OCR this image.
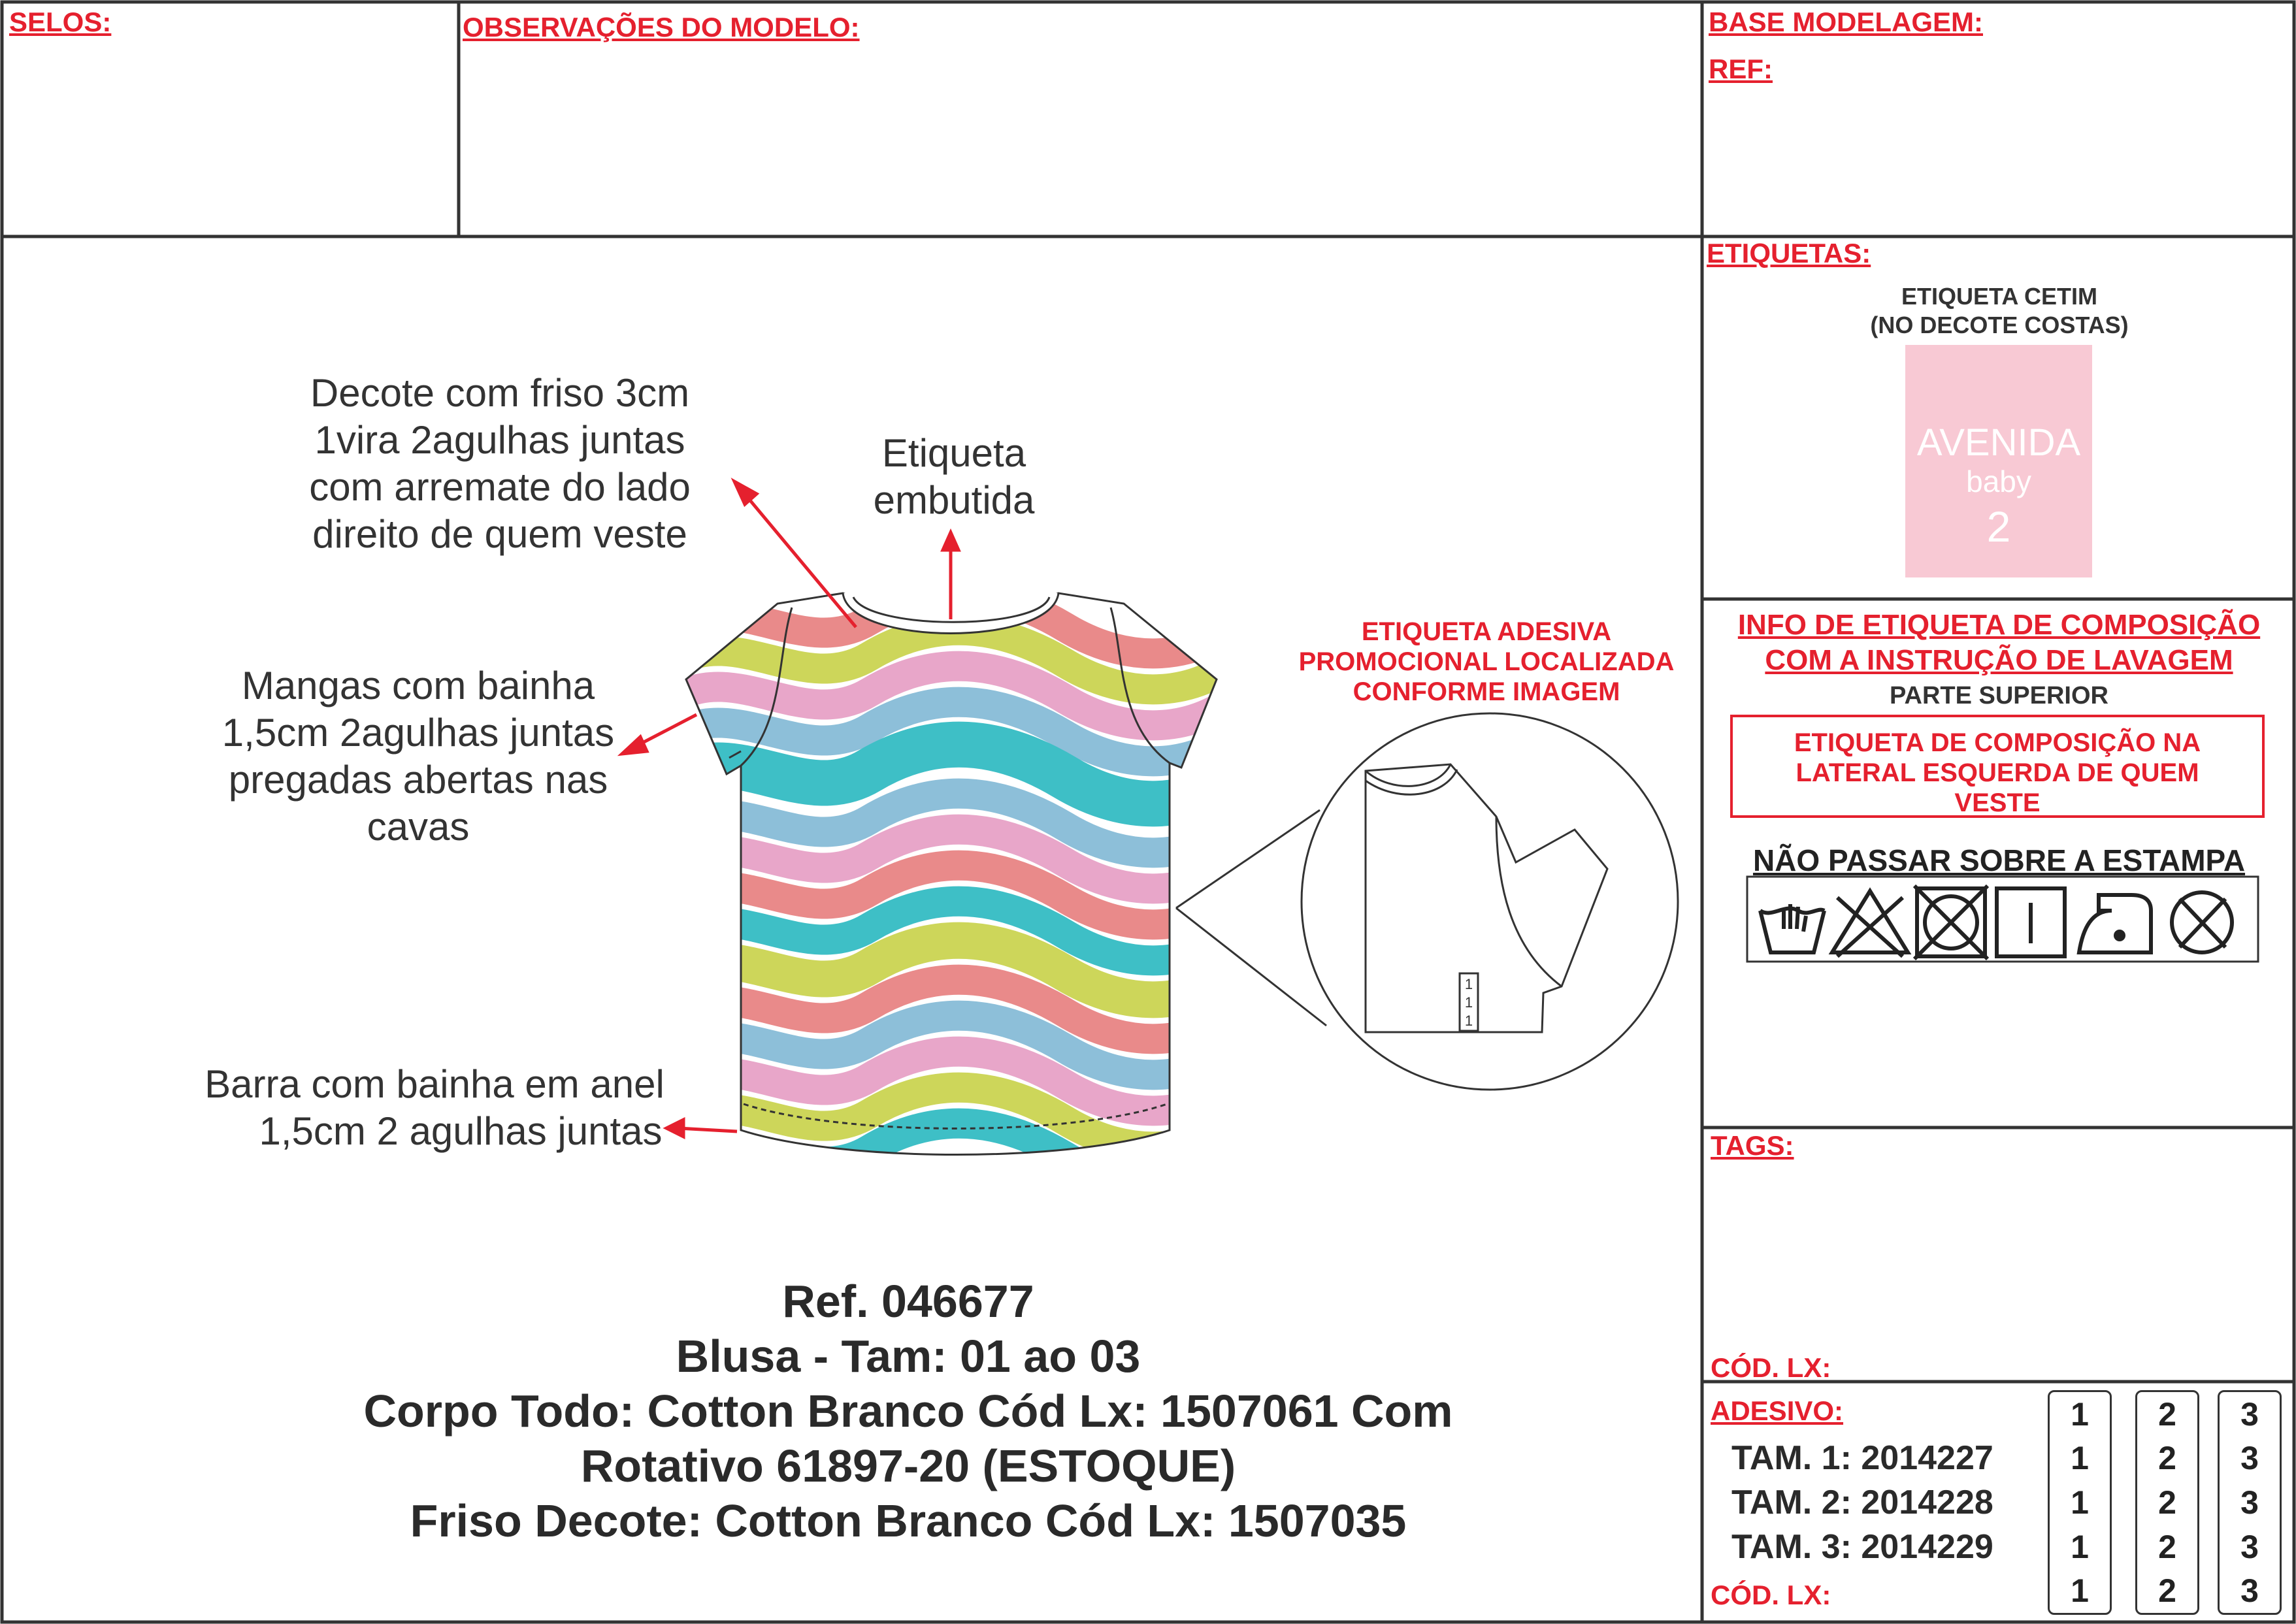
SELOS:	OBSERVAÇÕES DO MODELO:	BASE MODELAGEM:
REF:
1
1
1
Decote com friso 3cm
1vira 2agulhas juntas
com arremate do lado
direito de quem veste
Etiqueta
embutida
Mangas com bainha
1,5cm 2agulhas juntas
pregadas abertas nas
cavas
Barra com bainha em anel
1,5cm 2 agulhas juntas
ETIQUETA ADESIVA
PROMOCIONAL LOCALIZADA
CONFORME IMAGEM
Ref. 046677
Blusa - Tam: 01 ao 03
Corpo Todo: Cotton Branco Cód Lx: 1507061 Com
Rotativo 61897-20 (ESTOQUE)
Friso Decote: Cotton Branco Cód Lx: 1507035
ETIQUETAS:
ETIQUETA CETIM
(NO DECOTE COSTAS)
AVENIDA
baby
2
INFO DE ETIQUETA DE COMPOSIÇÃO
COM A INSTRUÇÃO DE LAVAGEM
PARTE SUPERIOR
ETIQUETA DE COMPOSIÇÃO NA
LATERAL ESQUERDA DE QUEM
VESTE
NÃO PASSAR SOBRE A ESTAMPA
TAGS:
CÓD. LX:
ADESIVO:
TAM. 1: 2014227
TAM. 2: 2014228
TAM. 3: 2014229
CÓD. LX:
1
1
1
1
1
2
2
2
2
2
3
3
3
3
3
